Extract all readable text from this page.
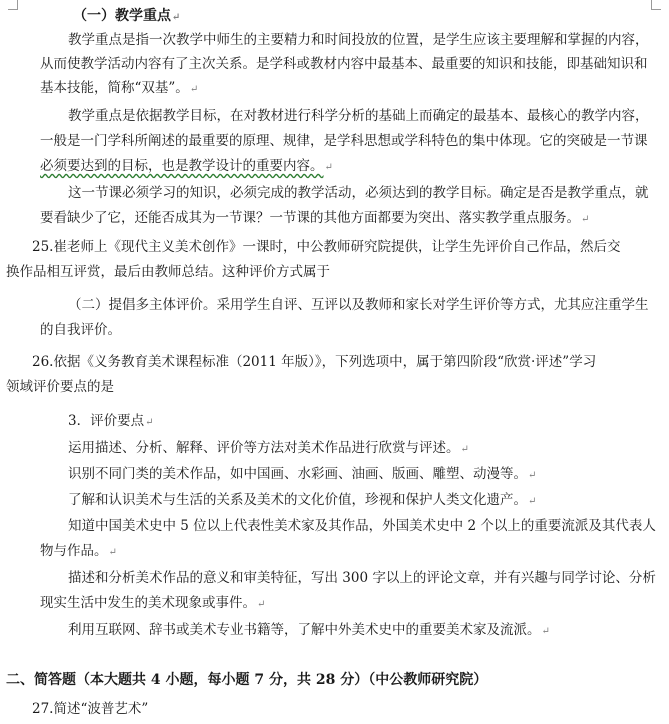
（一）教学重点↵
教学重点是指一次教学中师生的主要精力和时间投放的位置，是学生应该主要理解和掌握的内容，
从而使教学活动内容有了主次关系。是学科或教材内容中最基本、最重要的知识和技能，即基础知识和
基本技能，简称“双基”。↵
教学重点是依据教学目标，在对教材进行科学分析的基础上而确定的最基本、最核心的教学内容，
一般是一门学科所阐述的最重要的原理、规律，是学科思想或学科特色的集中体现。它的突破是一节课
必须要达到的目标，也是教学设计的重要内容。↵
这一节课必须学习的知识，必须完成的教学活动，必须达到的教学目标。确定是否是教学重点，就
要看缺少了它，还能否成其为一节课？一节课的其他方面都要为突出、落实教学重点服务。↵
25.崔老师上《现代主义美术创作》一课时，中公教师研究院提供，让学生先评价自己作品，然后交
换作品相互评赏，最后由教师总结。这种评价方式属于
（二）提倡多主体评价。采用学生自评、互评以及教师和家长对学生评价等方式，尤其应注重学生
的自我评价。
26.依据《义务教育美术课程标准（2011 年版）》，下列选项中，属于第四阶段“欣赏·评述”学习
领域评价要点的是
3．评价要点↵
运用描述、分析、解释、评价等方法对美术作品进行欣赏与评述。↵
识别不同门类的美术作品，如中国画、水彩画、油画、版画、雕塑、动漫等。↵
了解和认识美术与生活的关系及美术的文化价值，珍视和保护人类文化遗产。↵
知道中国美术史中 5 位以上代表性美术家及其作品，外国美术史中 2 个以上的重要流派及其代表人
物与作品。↵
描述和分析美术作品的意义和审美特征，写出 300 字以上的评论文章，并有兴趣与同学讨论、分析
现实生活中发生的美术现象或事件。↵
利用互联网、辞书或美术专业书籍等，了解中外美术史中的重要美术家及流派。↵
二、简答题（本大题共 4 小题，每小题 7 分，共 28 分）（中公教师研究院）
27.简述“波普艺术”
